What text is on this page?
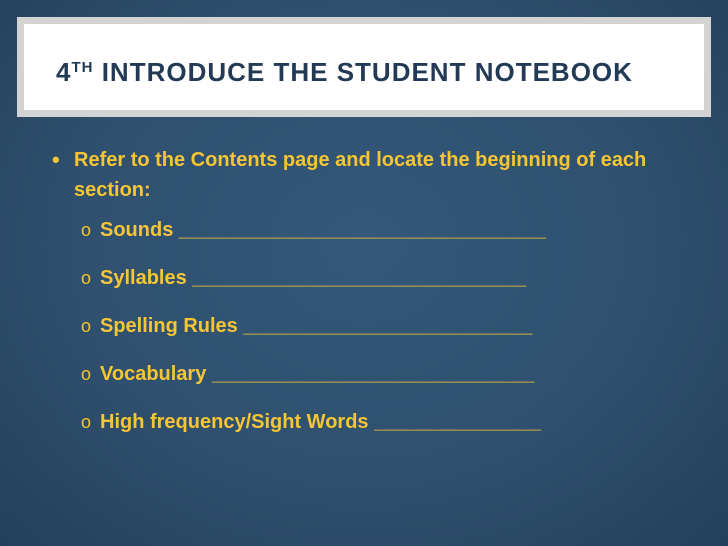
4TH INTRODUCE THE STUDENT NOTEBOOK

• Refer to the Contents page and locate the beginning of each section:

o Sounds _________________________________
o Syllables ______________________________
o Spelling Rules __________________________
o Vocabulary _____________________________
o High frequency/Sight Words _______________
